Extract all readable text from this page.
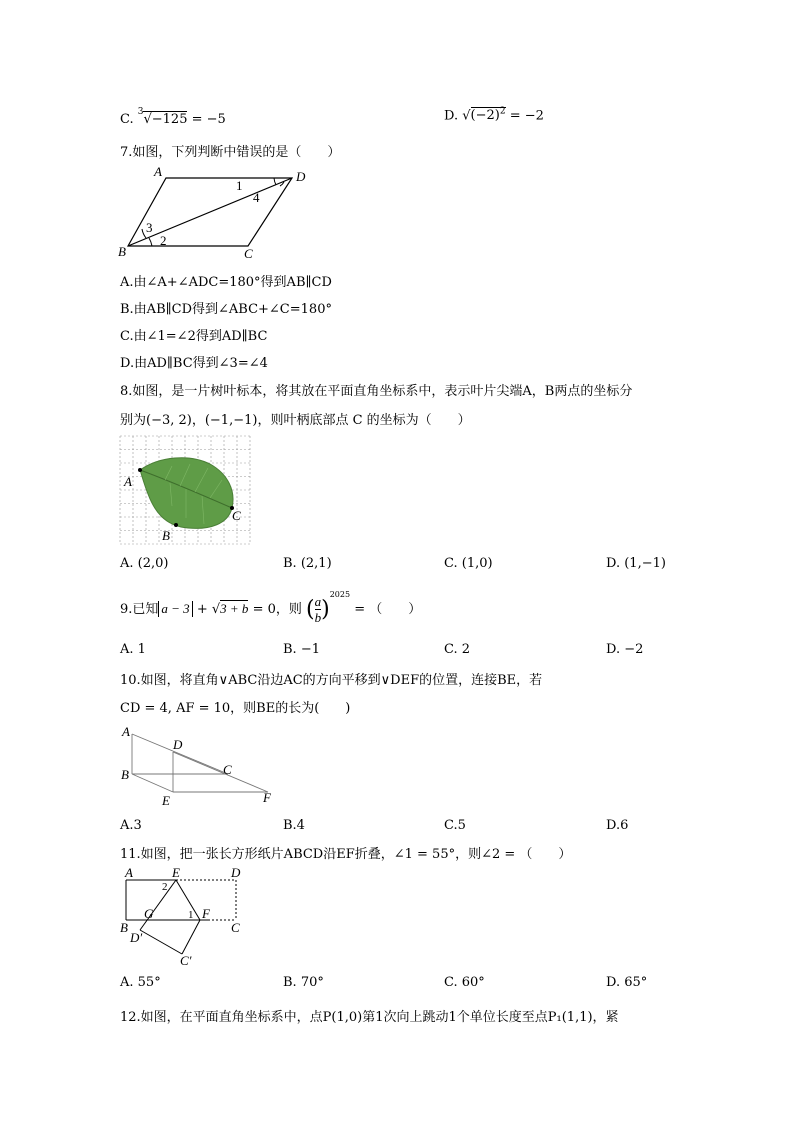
C. $^3$√−125 = −5	D. $√(-2)^2 = -2$
7.如图，下列判断中错误的是（　　）
A	D
B	C
1
2
3
4
A.由∠A+∠ADC=180°得到AB∥CD
B.由AB∥CD得到∠ABC+∠C=180°
C.由∠1=∠2得到AD∥BC
D.由AD∥BC得到∠3=∠4
8.如图，是一片树叶标本，将其放在平面直角坐标系中，表示叶片尖端A，B两点的坐标分
别为(−3, 2)，(−1,−1)，则叶柄底部点 C 的坐标为（　　）
A
B
C
A. (2,0)	B. (2,1)	C. (1,0)	D. (1,−1)
9.已知 a − 3 + √3 + b = 0，则 ( $\frac{a}{b} )^{2025}$ = （　　）
A. 1	B. −1	C. 2	D. −2
10.如图，将直角∨ABC沿边AC的方向平移到∨DEF的位置，连接BE，若
CD = 4, AF = 10，则BE的长为(　　)
A
B	C
D
E	F
A.3	B.4	C.5	D.6
11.如图，把一张长方形纸片ABCD沿EF折叠，∠1 = 55°，则∠2 = （　　）
A	E	D
B	C
G	F
D′
C′
1
2
A. 55°	B. 70°	C. 60°	D. 65°
12.如图，在平面直角坐标系中，点P(1,0)第1次向上跳动1个单位长度至点P₁(1,1)，紧
